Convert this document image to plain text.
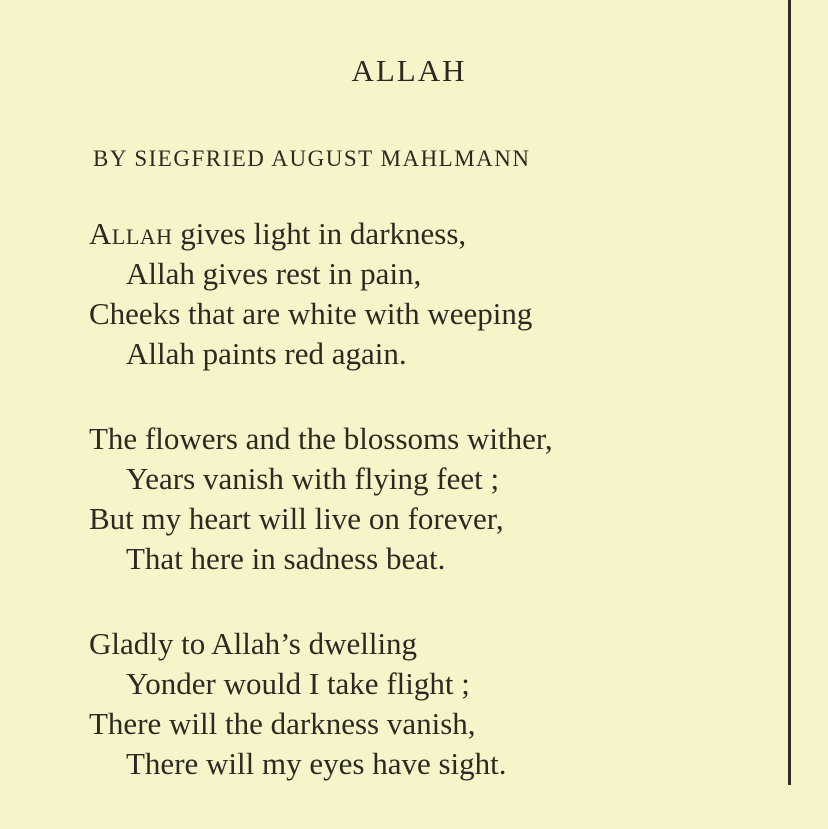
ALLAH
BY SIEGFRIED AUGUST MAHLMANN
Allah gives light in darkness,
Allah gives rest in pain,
Cheeks that are white with weeping
Allah paints red again.
The flowers and the blossoms wither,
Years vanish with flying feet ;
But my heart will live on forever,
That here in sadness beat.
Gladly to Allah’s dwelling
Yonder would I take flight ;
There will the darkness vanish,
There will my eyes have sight.
